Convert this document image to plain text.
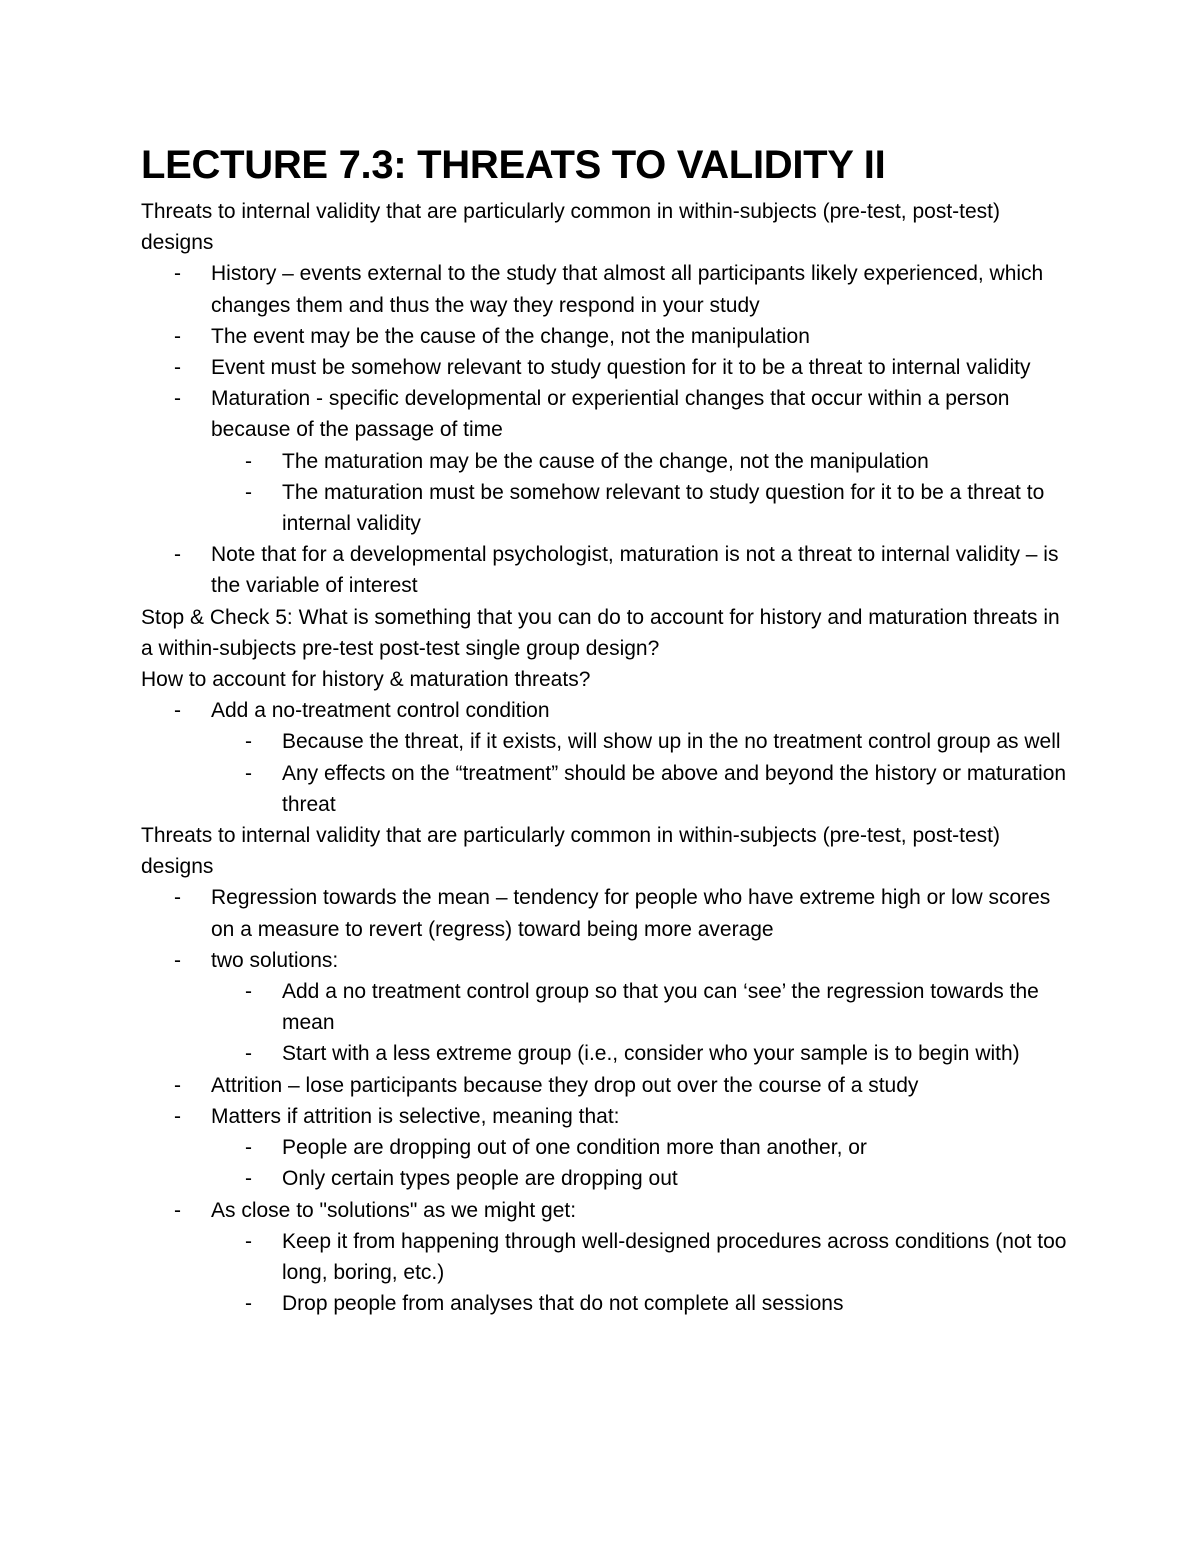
LECTURE 7.3: THREATS TO VALIDITY II

Threats to internal validity that are particularly common in within-subjects (pre-test, post-test) designs

- History – events external to the study that almost all participants likely experienced, which changes them and thus the way they respond in your study
- The event may be the cause of the change, not the manipulation
- Event must be somehow relevant to study question for it to be a threat to internal validity
- Maturation - specific developmental or experiential changes that occur within a person because of the passage of time
- The maturation may be the cause of the change, not the manipulation
- The maturation must be somehow relevant to study question for it to be a threat to internal validity
- Note that for a developmental psychologist, maturation is not a threat to internal validity – is the variable of interest

Stop & Check 5: What is something that you can do to account for history and maturation threats in a within-subjects pre-test post-test single group design?

How to account for history & maturation threats?

- Add a no-treatment control condition
- Because the threat, if it exists, will show up in the no treatment control group as well
- Any effects on the “treatment” should be above and beyond the history or maturation threat

Threats to internal validity that are particularly common in within-subjects (pre-test, post-test) designs

- Regression towards the mean – tendency for people who have extreme high or low scores on a measure to revert (regress) toward being more average
- two solutions:
- Add a no treatment control group so that you can ‘see’ the regression towards the mean
- Start with a less extreme group (i.e., consider who your sample is to begin with)
- Attrition – lose participants because they drop out over the course of a study
- Matters if attrition is selective, meaning that:
- People are dropping out of one condition more than another, or
- Only certain types people are dropping out
- As close to "solutions" as we might get:
- Keep it from happening through well-designed procedures across conditions (not too long, boring, etc.)
- Drop people from analyses that do not complete all sessions
